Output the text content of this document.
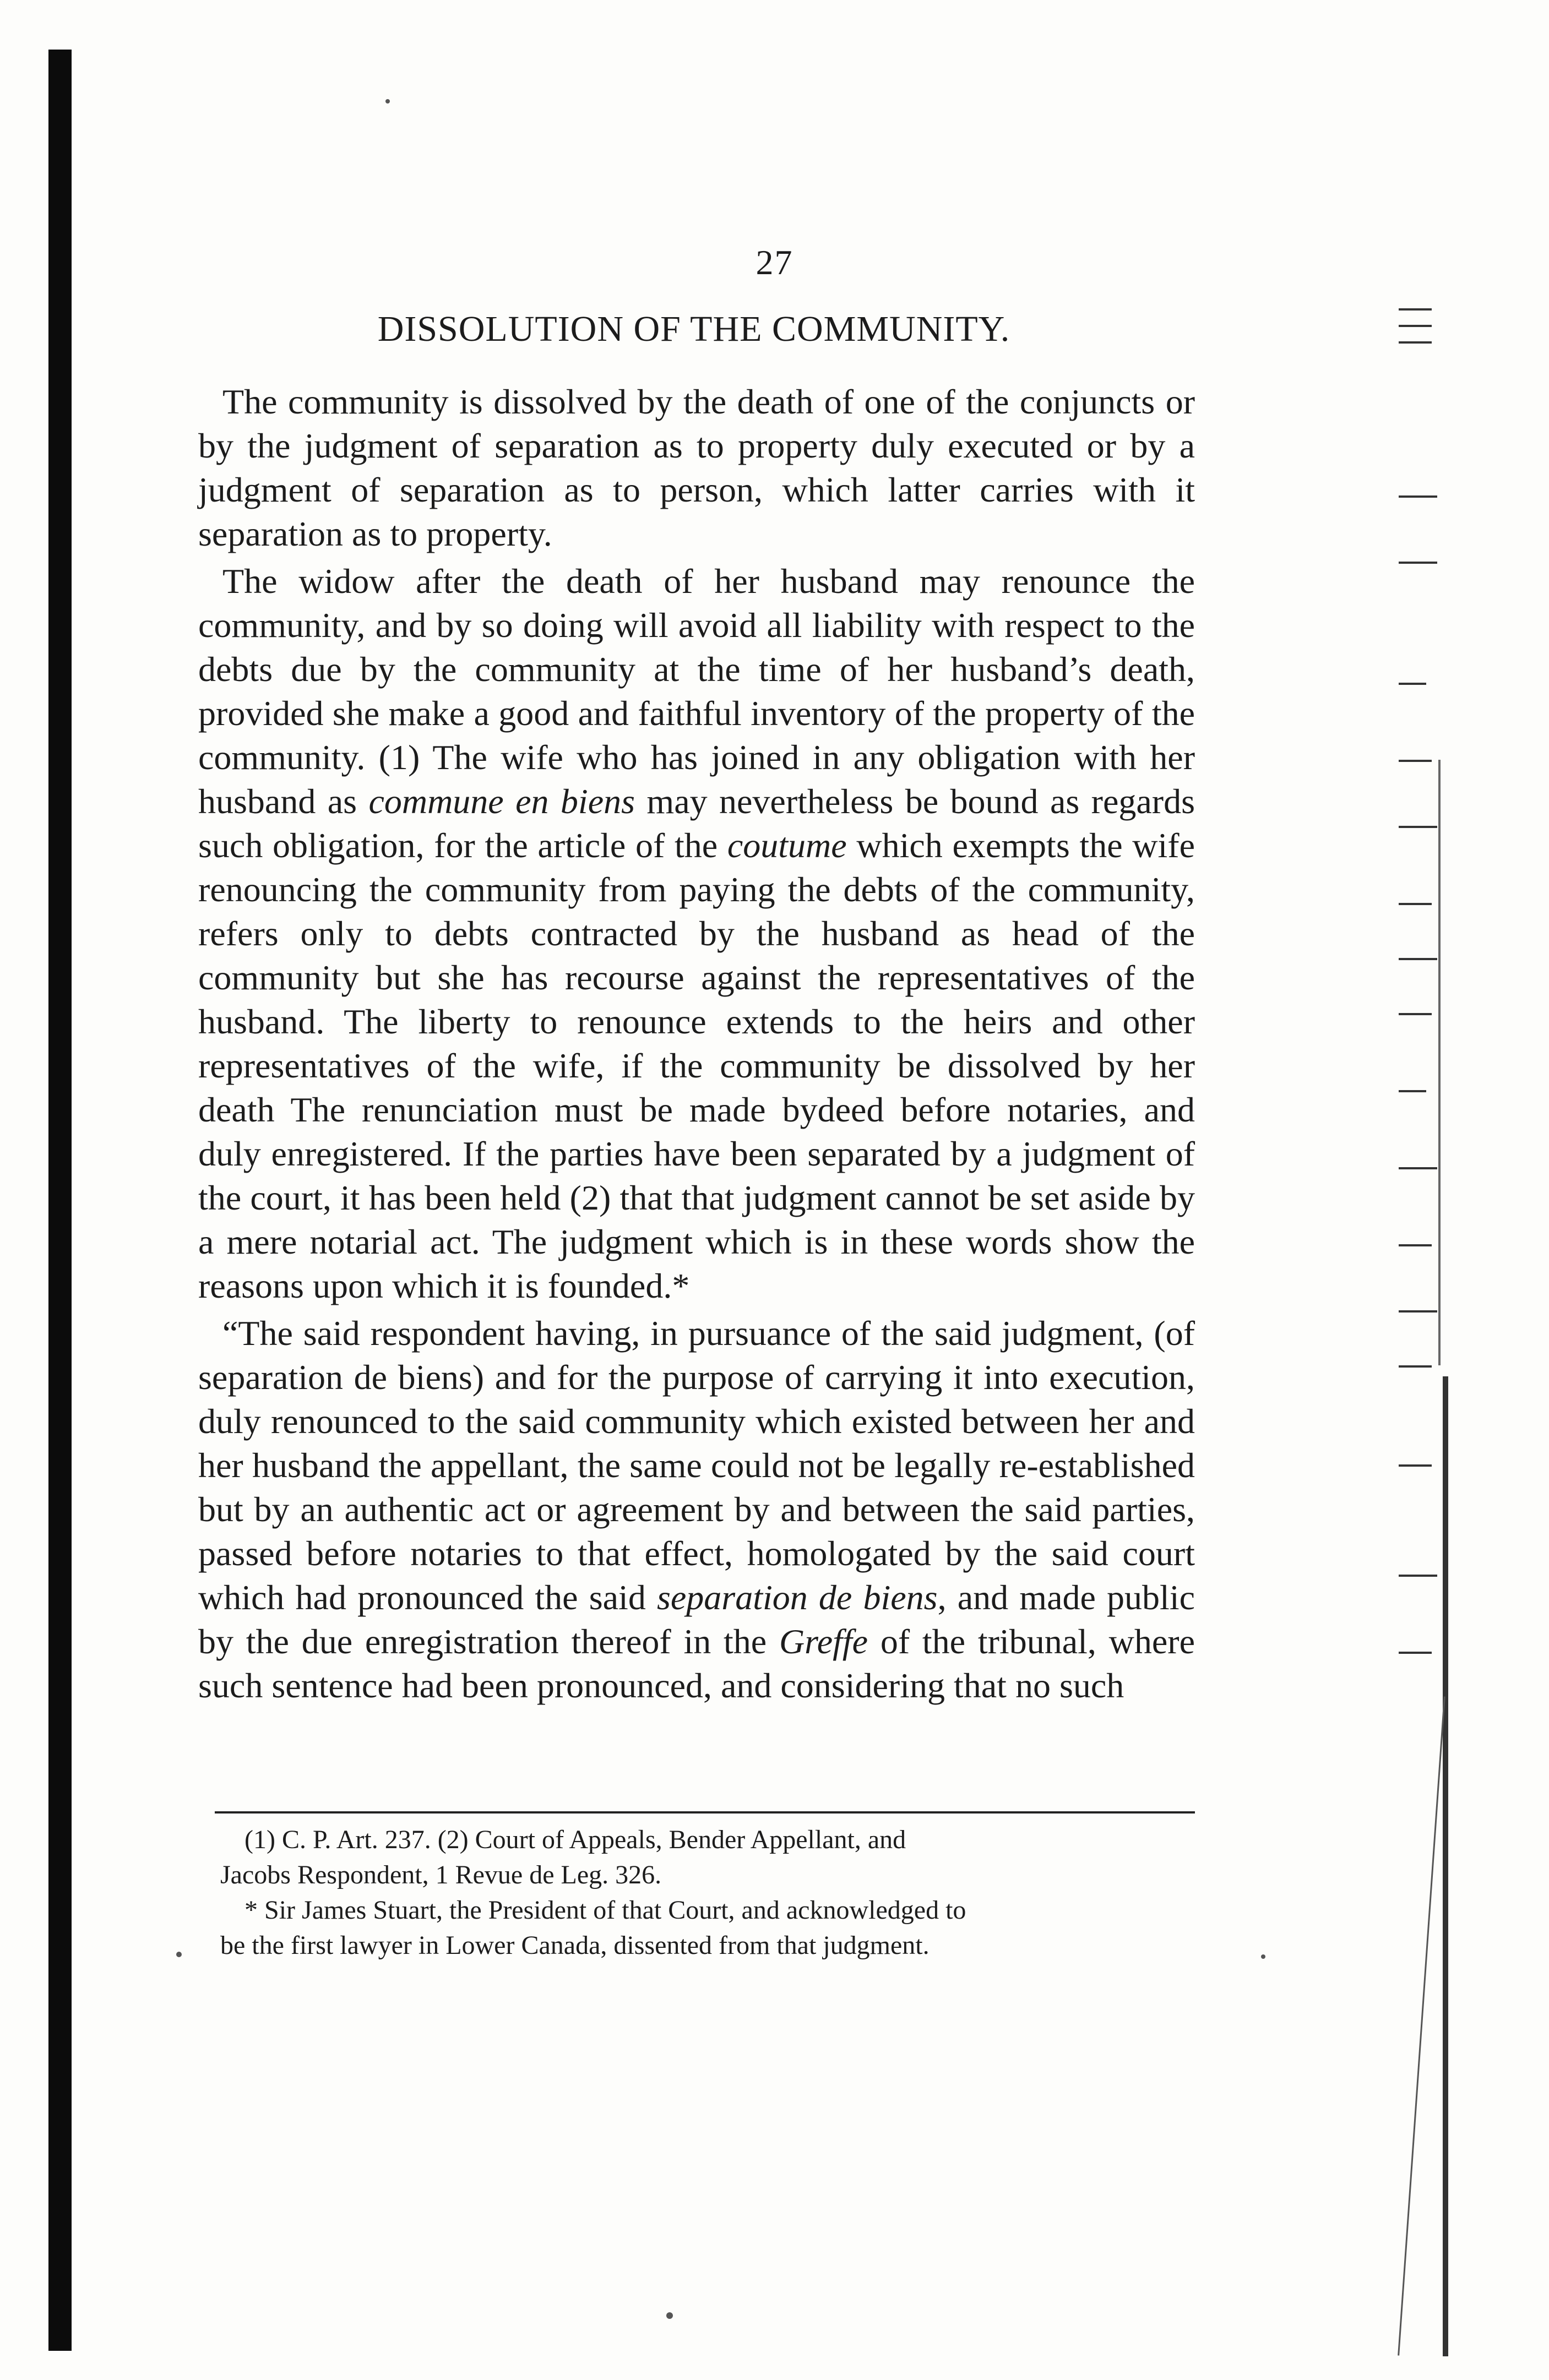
27
DISSOLUTION OF THE COMMUNITY.

The community is dissolved by the death of one of the conjuncts or by the judgment of separation as to property duly executed or by a judgment of separation as to person, which latter carries with it separation as to property.

The widow after the death of her husband may renounce the community, and by so doing will avoid all liability with respect to the debts due by the community at the time of her husband’s death, provided she make a good and faithful inventory of the property of the community. (1) The wife who has joined in any obligation with her husband as commune en biens may nevertheless be bound as regards such obligation, for the article of the coutume which exempts the wife renouncing the community from paying the debts of the community, refers only to debts contracted by the husband as head of the community but she has recourse against the representatives of the husband. The liberty to renounce extends to the heirs and other representatives of the wife, if the community be dissolved by her death The renunciation must be made bydeed before notaries, and duly enregistered. If the parties have been separated by a judgment of the court, it has been held (2) that that judgment cannot be set aside by a mere notarial act. The judgment which is in these words show the reasons upon which it is founded.*

“The said respondent having, in pursuance of the said judgment, (of separation de biens) and for the purpose of carrying it into execution, duly renounced to the said community which existed between her and her husband the appellant, the same could not be legally re-established but by an authentic act or agreement by and between the said parties, passed before notaries to that effect, homologated by the said court which had pronounced the said separation de biens, and made public by the due enregistration thereof in the Greffe of the tribunal, where such sentence had been pronounced, and considering that no such

(1) C. P. Art. 237. (2) Court of Appeals, Bender Appellant, and

Jacobs Respondent, 1 Revue de Leg. 326.

* Sir James Stuart, the President of that Court, and acknowledged to

be the first lawyer in Lower Canada, dissented from that judgment.
